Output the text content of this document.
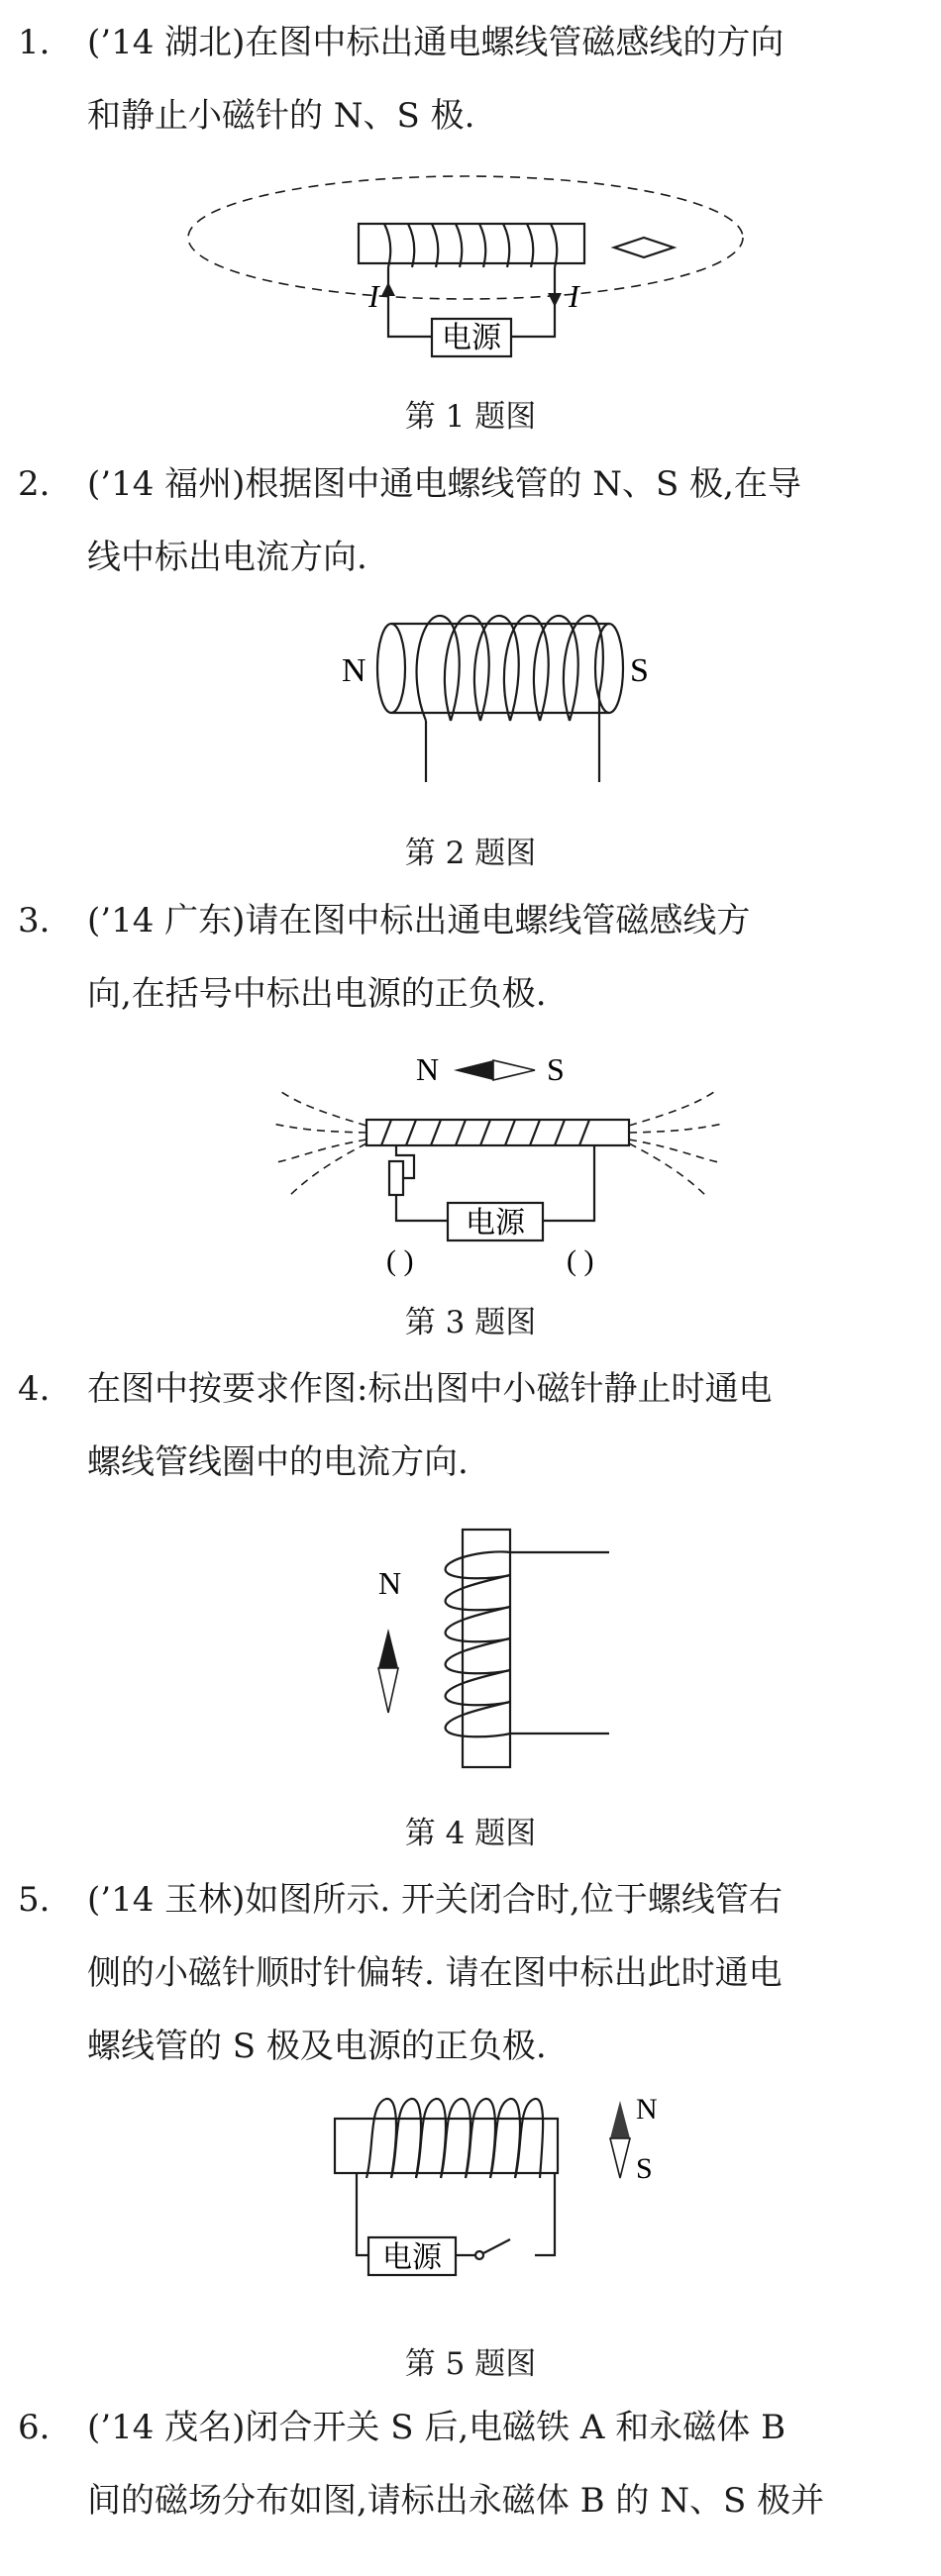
1. (’14 湖北)在图中标出通电螺线管磁感线的方向
和静止小磁针的 N、S 极.
I	I
电源
第 1 题图
2. (’14 福州)根据图中通电螺线管的 N、S 极,在导
线中标出电流方向.
N	S
第 2 题图
3. (’14 广东)请在图中标出通电螺线管磁感线方
向,在括号中标出电源的正负极.
N	S
电源
( )	( )
第 3 题图
4. 在图中按要求作图:标出图中小磁针静止时通电
螺线管线圈中的电流方向.
N
第 4 题图
5. (’14 玉林)如图所示. 开关闭合时,位于螺线管右
侧的小磁针顺时针偏转. 请在图中标出此时通电
螺线管的 S 极及电源的正负极.
电源
N
S
第 5 题图
6. (’14 茂名)闭合开关 S 后,电磁铁 A 和永磁体 B
间的磁场分布如图,请标出永磁体 B 的 N、S 极并
